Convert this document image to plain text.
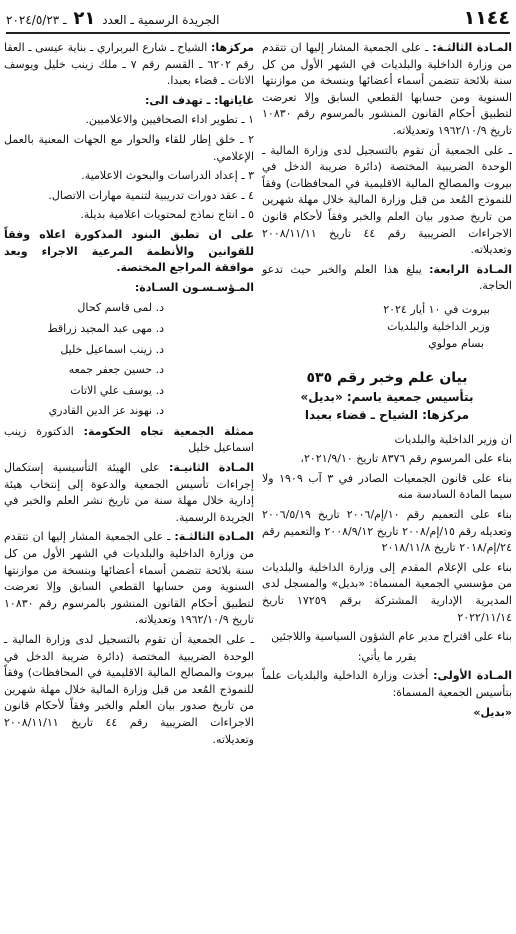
١١٤٤
الجريدة الرسمية ـ العدد ٢١ ـ ٢٠٢٤/٥/٢٣

المـادة الثالثـة: ـ على الجمعية المشار إليها ان تتقدم من وزارة الداخلية والبلديات في الشهر الأول من كل سنة بلائحة تتضمن أسماء أعضائها وبنسخة من موازنتها السنوية ومن حسابها القطعي السابق وإلا تعرضت لتطبيق أحكام القانون المنشور بالمرسوم رقم ١٠٨٣٠ تاريخ ١٩٦٢/١٠/٩ وتعديلاته.

ـ على الجمعية أن تقوم بالتسجيل لدى وزارة المالية ـ الوحدة الضريبية المختصة (دائرة ضريبة الدخل في بيروت والمصالح المالية الاقليمية في المحافظات) وفقاً للنموذج المُعد من قبل وزارة المالية خلال مهلة شهرين من تاريخ صدور بيان العلم والخبر وفقاً لأحكام قانون الاجراءات الضريبية رقم ٤٤ تاريخ ٢٠٠٨/١١/١١ وتعديلاته.

المـادة الرابعة: يبلغ هذا العلم والخبر حيث تدعو الحاجة.

بيروت في ١٠ أيار ٢٠٢٤
وزير الداخلية والبلديات
بسام مولوي
بيان علم وخبر رقم ٥٣٥
بتأسيس جمعية باسم: «بديل»
مركزها: الشياح ـ قضاء بعبدا

ان وزير الداخلية والبلديات

بناء على المرسوم رقم ٨٣٧٦ تاريخ ٢٠٢١/٩/١٠،

بناء على قانون الجمعيات الصادر في ٣ آب ١٩٠٩ ولا سيما المادة السادسة منه

بناء على التعميم رقم ١٠/إم/٢٠٠٦ تاريخ ٢٠٠٦/٥/١٩ وتعديله رقم ١٥/إم/٢٠٠٨ تاريخ ٢٠٠٨/٩/١٢ والتعميم رقم ٢٤/إم/٢٠١٨ تاريخ ٢٠١٨/١١/٨

بناء على الإعلام المقدم إلى وزارة الداخلية والبلديات من مؤسسي الجمعية المسماة: «بديل» والمسجل لدى المديرية الإدارية المشتركة برقم ١٧٢٥٩ تاريخ ٢٠٢٢/١١/١٤

بناء على اقتراح مدير عام الشؤون السياسية واللاجئين

يقرر ما يأتي:

المـادة الأولى: أخذت وزارة الداخلية والبلديات علماً بتأسيس الجمعية المسماة:

«بديل»

مركزها: الشياح ـ شارع البربراري ـ بناية عيسى ـ العقا رقم ٦٢٠٢ ـ القسم رقم ٧ ـ ملك زينب خليل ويوسف الاتات ـ قضاء بعبدا.

غاياتها: ـ تهدف الى:

١ ـ تطوير اداء الصحافيين والاعلاميين.

٢ ـ خلق إطار للقاء والحوار مع الجهات المعنية بالعمل الإعلامي.

٣ ـ إعداد الدراسات والبحوث الاعلامية.

٤ ـ عقد دورات تدريبية لتنمية مهارات الاتصال.

٥ ـ انتاج نماذج لمحتويات اعلامية بديلة.

على ان تطبق البنود المذكورة اعلاه وفقاً للقوانين والأنظمة المرعية الاجراء وبعد موافقة المراجع المختصة.

المـؤسـسـون السـادة:

د. لمى قاسم كحال
د. مهى عبد المجيد زراقط
د. زينب اسماعيل خليل
د. حسين جعفر جمعه
د. يوسف علي الاتات
د. نهوند عز الدين القادري

ممثلة الجمعية تجاه الحكومة: الدكتورة زينب اسماعيل خليل

المـادة الثانيـة: على الهيئة التأسيسية إستكمال إجراءات تأسيس الجمعية والدعوة إلى إنتخاب هيئة إدارية خلال مهلة سنة من تاريخ نشر العلم والخبر في الجريدة الرسمية.

المـادة الثالثـة: ـ على الجمعية المشار إليها ان تتقدم من وزارة الداخلية والبلديات في الشهر الأول من كل سنة بلائحة تتضمن أسماء أعضائها وبنسخة من موازنتها السنوية ومن حسابها القطعي السابق وإلا تعرضت لتطبيق أحكام القانون المنشور بالمرسوم رقم ١٠٨٣٠ تاريخ ١٩٦٢/١٠/٩ وتعديلاته.

ـ على الجمعية أن تقوم بالتسجيل لدى وزارة المالية ـ الوحدة الضريبية المختصة (دائرة ضريبة الدخل في بيروت والمصالح المالية الاقليمية في المحافظات) وفقاً للنموذج المُعد من قبل وزارة المالية خلال مهلة شهرين من تاريخ صدور بيان العلم والخبر وفقاً لأحكام قانون الاجراءات الضريبية رقم ٤٤ تاريخ ٢٠٠٨/١١/١١ وتعديلاته.
